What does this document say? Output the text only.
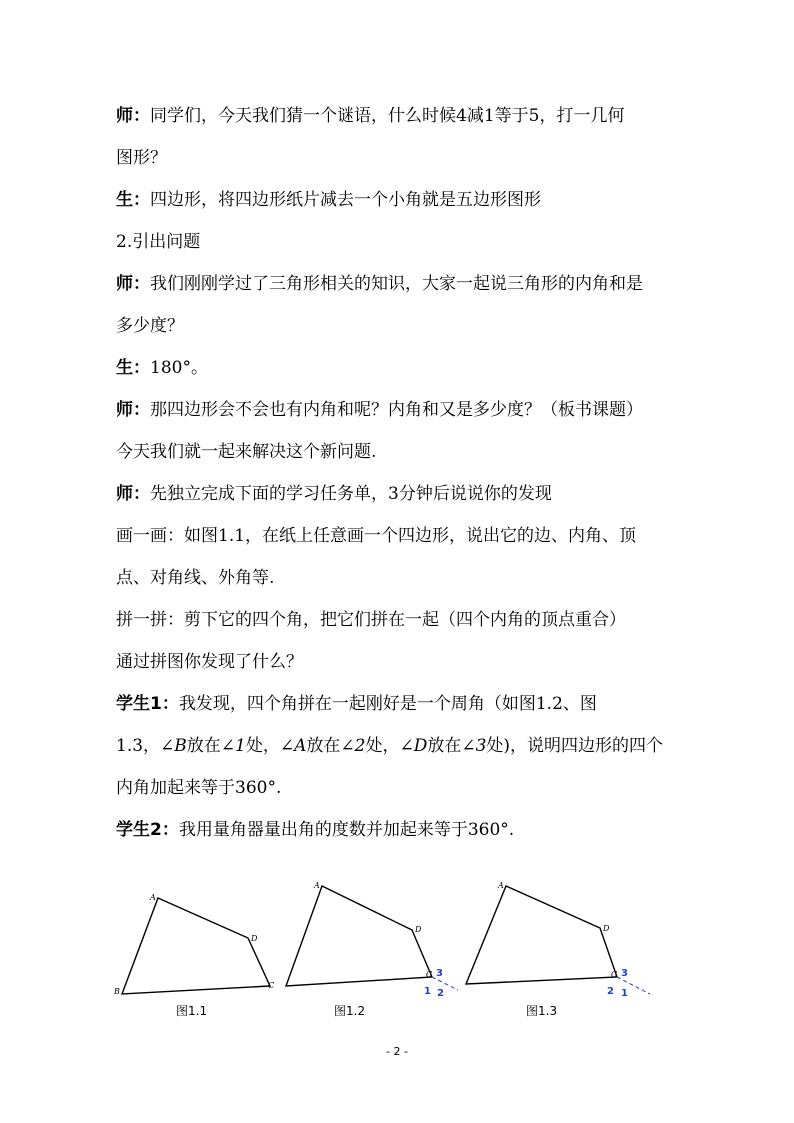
师：同学们，今天我们猜一个谜语，什么时候4减1等于5，打一几何
图形？
生：四边形，将四边形纸片减去一个小角就是五边形图形
2.引出问题
师：我们刚刚学过了三角形相关的知识，大家一起说三角形的内角和是
多少度？
生：180°。
师：那四边形会不会也有内角和呢？内角和又是多少度？（板书课题）
今天我们就一起来解决这个新问题.
师：先独立完成下面的学习任务单，3分钟后说说你的发现
画一画：如图1.1，在纸上任意画一个四边形，说出它的边、内角、顶
点、对角线、外角等.
拼一拼：剪下它的四个角，把它们拼在一起（四个内角的顶点重合）
通过拼图你发现了什么？
学生1：我发现，四个角拼在一起刚好是一个周角（如图1.2、图
1.3，∠B放在∠1处，∠A放在∠2处，∠D放在∠3处)，说明四边形的四个
内角加起来等于360°.
学生2：我用量角器量出角的度数并加起来等于360°.
A
B
C
D
A
D
C 3
1 2
A
D
C 3
2 1
图1.1	图1.2	图1.3
- 2 -
